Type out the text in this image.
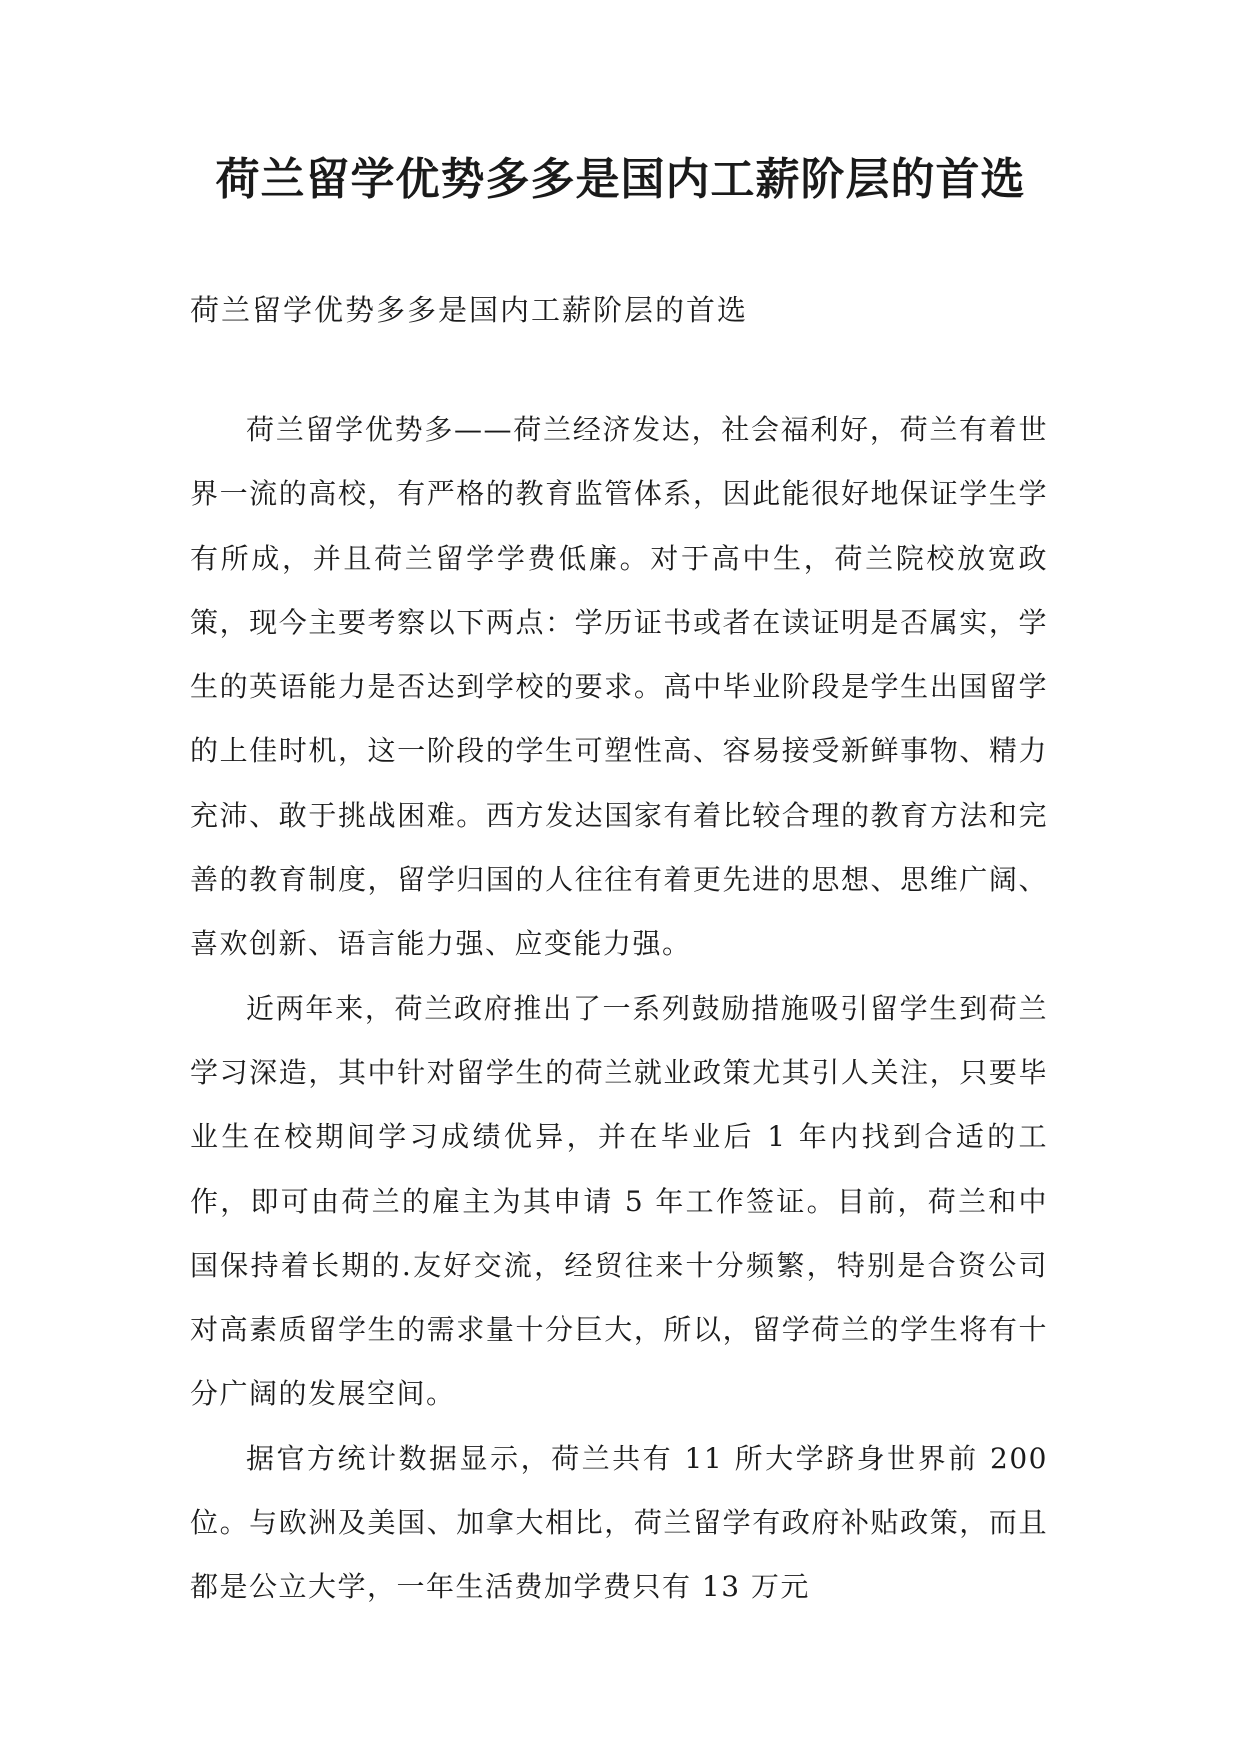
荷兰留学优势多多是国内工薪阶层的首选

荷兰留学优势多多是国内工薪阶层的首选

荷兰留学优势多——荷兰经济发达，社会福利好，荷兰有着世界一流的高校，有严格的教育监管体系，因此能很好地保证学生学有所成，并且荷兰留学学费低廉。对于高中生，荷兰院校放宽政策，现今主要考察以下两点：学历证书或者在读证明是否属实，学生的英语能力是否达到学校的要求。高中毕业阶段是学生出国留学的上佳时机，这一阶段的学生可塑性高、容易接受新鲜事物、精力充沛、敢于挑战困难。西方发达国家有着比较合理的教育方法和完善的教育制度，留学归国的人往往有着更先进的思想、思维广阔、喜欢创新、语言能力强、应变能力强。

近两年来，荷兰政府推出了一系列鼓励措施吸引留学生到荷兰学习深造，其中针对留学生的荷兰就业政策尤其引人关注，只要毕业生在校期间学习成绩优异，并在毕业后 1 年内找到合适的工作，即可由荷兰的雇主为其申请 5 年工作签证。目前，荷兰和中国保持着长期的.友好交流，经贸往来十分频繁，特别是合资公司对高素质留学生的需求量十分巨大，所以，留学荷兰的学生将有十分广阔的发展空间。

据官方统计数据显示，荷兰共有 11 所大学跻身世界前 200 位。与欧洲及美国、加拿大相比，荷兰留学有政府补贴政策，而且都是公立大学，一年生活费加学费只有 13 万元
